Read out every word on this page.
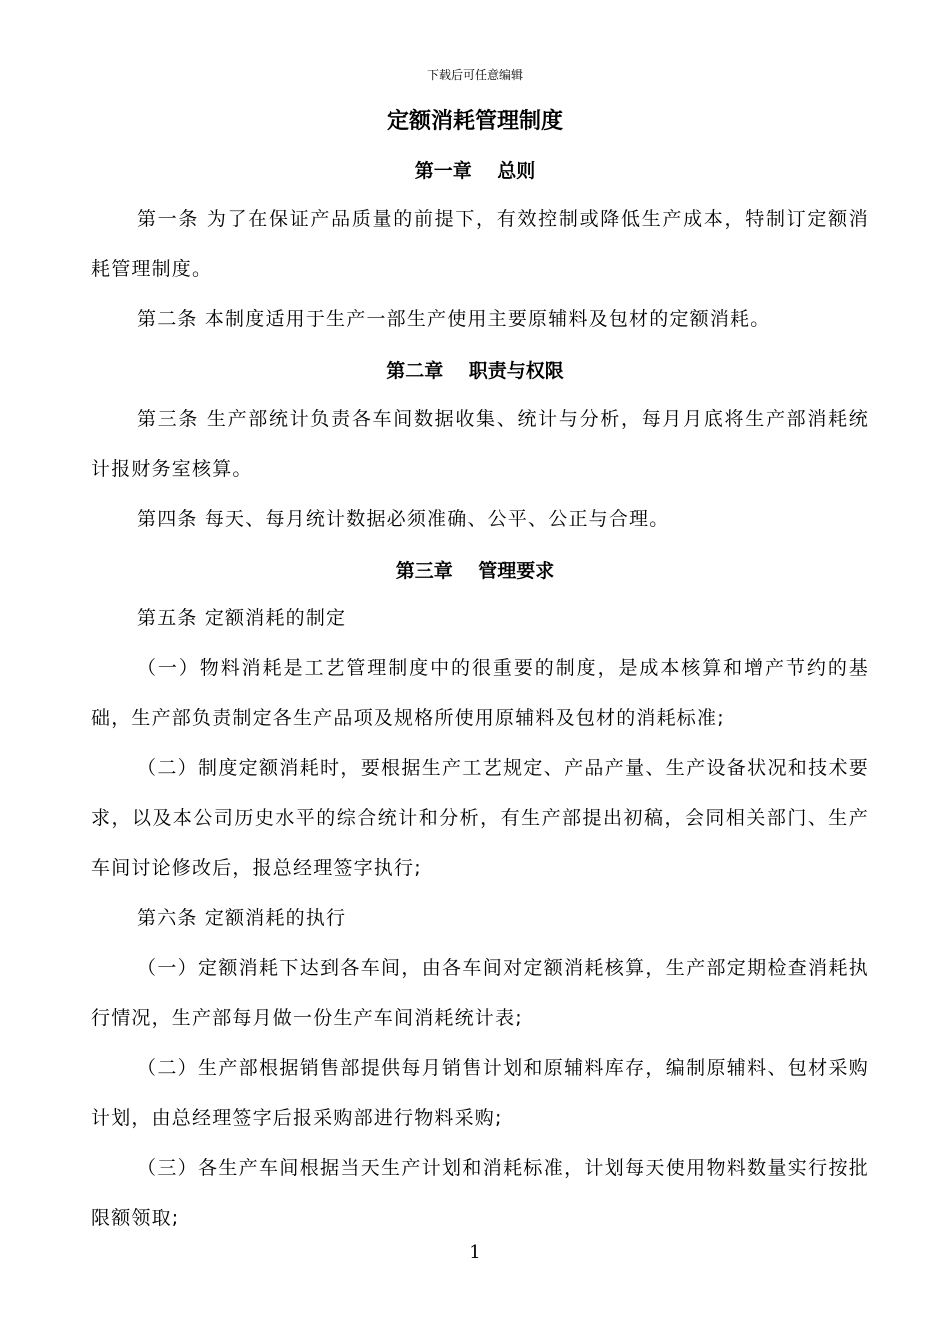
下载后可任意编辑
定额消耗管理制度
第一章　 总则
第一条 为了在保证产品质量的前提下，有效控制或降低生产成本，特制订定额消耗管理制度。
第二条 本制度适用于生产一部生产使用主要原辅料及包材的定额消耗。
第二章　 职责与权限
第三条 生产部统计负责各车间数据收集、统计与分析，每月月底将生产部消耗统计报财务室核算。
第四条 每天、每月统计数据必须准确、公平、公正与合理。
第三章　 管理要求
第五条 定额消耗的制定
（一）物料消耗是工艺管理制度中的很重要的制度，是成本核算和增产节约的基础，生产部负责制定各生产品项及规格所使用原辅料及包材的消耗标准;
（二）制度定额消耗时，要根据生产工艺规定、产品产量、生产设备状况和技术要求，以及本公司历史水平的综合统计和分析，有生产部提出初稿，会同相关部门、生产车间讨论修改后，报总经理签字执行;
第六条 定额消耗的执行
（一）定额消耗下达到各车间，由各车间对定额消耗核算，生产部定期检查消耗执行情况，生产部每月做一份生产车间消耗统计表;
（二）生产部根据销售部提供每月销售计划和原辅料库存，编制原辅料、包材采购计划，由总经理签字后报采购部进行物料采购;
（三）各生产车间根据当天生产计划和消耗标准，计划每天使用物料数量实行按批限额领取;
1
